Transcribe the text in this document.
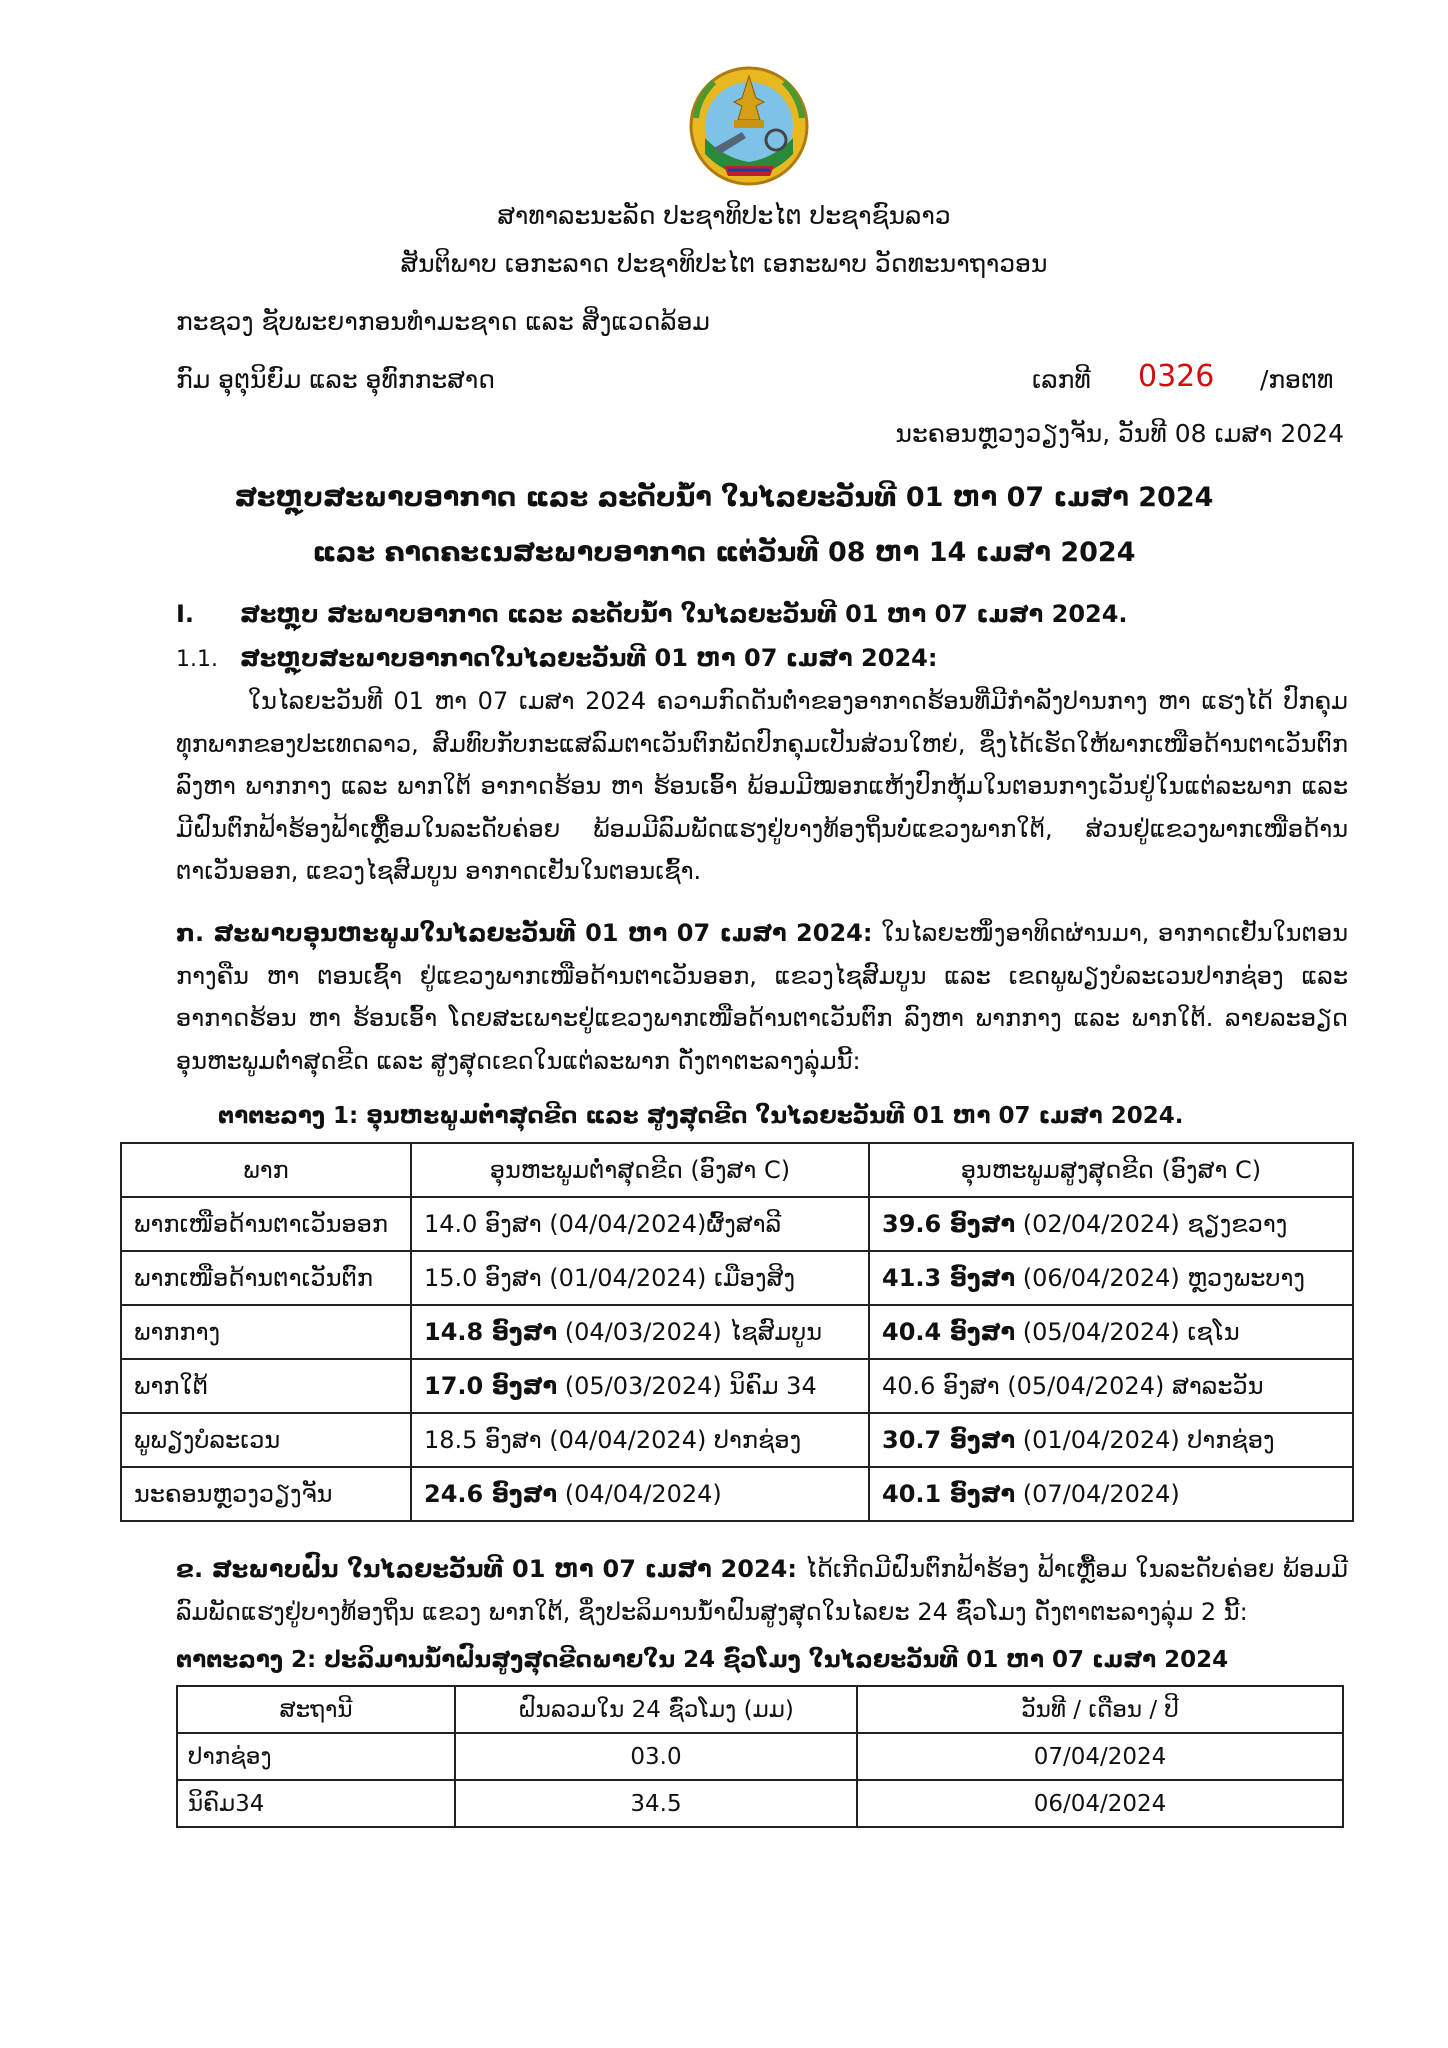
ສາທາລະນະລັດ ປະຊາທິປະໄຕ ປະຊາຊົນລາວ
ສັນຕິພາບ ເອກະລາດ ປະຊາທິປະໄຕ ເອກະພາບ ວັດທະນາຖາວອນ
ກະຊວງ ຊັບພະຍາກອນທຳມະຊາດ ແລະ ສິ່ງແວດລ້ອມ
ກົມ ອຸຕຸນິຍົມ ແລະ ອຸທົກກະສາດ	ເລກທີ 0326 /ກອຕທ
ນະຄອນຫຼວງວຽງຈັນ, ວັນທີ 08 ເມສາ 2024
ສະຫຼຸບສະພາບອາກາດ ແລະ ລະດັບນ້ຳ ໃນໄລຍະວັນທີ 01 ຫາ 07 ເມສາ 2024
ແລະ ຄາດຄະເນສະພາບອາກາດ ແຕ່ວັນທີ 08 ຫາ 14 ເມສາ 2024
I. ສະຫຼຸບ ສະພາບອາກາດ ແລະ ລະດັບນ້ຳ ໃນໄລຍະວັນທີ 01 ຫາ 07 ເມສາ 2024.
1.1. ສະຫຼຸບສະພາບອາກາດໃນໄລຍະວັນທີ 01 ຫາ 07 ເມສາ 2024:
ໃນໄລຍະວັນທີ 01 ຫາ 07 ເມສາ 2024 ຄວາມກົດດັນຕ່ຳຂອງອາກາດຮ້ອນທີ່ມີກຳລັງປານກາງ ຫາ ແຮງໄດ້ ປົກຄຸມທຸກພາກຂອງປະເທດລາວ, ສົມທົບກັບກະແສລົມຕາເວັນຕົກພັດປົກຄຸມເປັນສ່ວນໃຫຍ່, ຊຶ່ງໄດ້ເຮັດໃຫ້ພາກເໜືອດ້ານຕາເວັນຕົກ ລົງຫາ ພາກກາງ ແລະ ພາກໃຕ້ ອາກາດຮ້ອນ ຫາ ຮ້ອນເອົ້າ ພ້ອມມີໝອກແຫ້ງປົກຫຸ້ມໃນຕອນກາງເວັນຢູ່ໃນແຕ່ລະພາກ ແລະ ມີຝົນຕົກຟ້າຮ້ອງຟ້າເຫຼື້ອມໃນລະດັບຄ່ອຍ ພ້ອມມີລົມພັດແຮງຢູ່ບາງທ້ອງຖິ່ນບໍ່ແຂວງພາກໃຕ້, ສ່ວນຢູ່ແຂວງພາກເໜືອດ້ານຕາເວັນອອກ, ແຂວງໄຊສົມບູນ ອາກາດເຢັນໃນຕອນເຊົ້າ.
ກ. ສະພາບອຸນຫະພູມໃນໄລຍະວັນທີ 01 ຫາ 07 ເມສາ 2024: ໃນໄລຍະໜຶ່ງອາທິດຜ່ານມາ, ອາກາດເຢັນໃນຕອນກາງຄືນ ຫາ ຕອນເຊົ້າ ຢູ່ແຂວງພາກເໜືອດ້ານຕາເວັນອອກ, ແຂວງໄຊສົມບູນ ແລະ ເຂດພູພຽງບໍລະເວນປາກຊ່ອງ ແລະ ອາກາດຮ້ອນ ຫາ ຮ້ອນເອົ້າ ໂດຍສະເພາະຢູ່ແຂວງພາກເໜືອດ້ານຕາເວັນຕົກ ລົງຫາ ພາກກາງ ແລະ ພາກໃຕ້. ລາຍລະອຽດອຸນຫະພູມຕ່ຳສຸດຂີດ ແລະ ສູງສຸດເຂດໃນແຕ່ລະພາກ ດັ່ງຕາຕະລາງລຸ່ມນີ້:
ຕາຕະລາງ 1: ອຸນຫະພູມຕ່ຳສຸດຂີດ ແລະ ສູງສຸດຂີດ ໃນໄລຍະວັນທີ 01 ຫາ 07 ເມສາ 2024.
ພາກ	ອຸນຫະພູມຕ່ຳສຸດຂີດ (ອົງສາ C)	ອຸນຫະພູມສູງສຸດຂີດ (ອົງສາ C)
ພາກເໜືອດ້ານຕາເວັນອອກ	14.0 ອົງສາ (04/04/2024)ຜົ້ງສາລີ	39.6 ອົງສາ (02/04/2024) ຊຽງຂວາງ
ພາກເໜືອດ້ານຕາເວັນຕົກ	15.0 ອົງສາ (01/04/2024) ເມືອງສິງ	41.3 ອົງສາ (06/04/2024) ຫຼວງພະບາງ
ພາກກາງ	14.8 ອົງສາ (04/03/2024) ໄຊສົມບູນ	40.4 ອົງສາ (05/04/2024) ເຊໂນ
ພາກໃຕ້	17.0 ອົງສາ (05/03/2024) ນິຄົມ 34	40.6 ອົງສາ (05/04/2024) ສາລະວັນ
ພູພຽງບໍລະເວນ	18.5 ອົງສາ (04/04/2024) ປາກຊ່ອງ	30.7 ອົງສາ (01/04/2024) ປາກຊ່ອງ
ນະຄອນຫຼວງວຽງຈັນ	24.6 ອົງສາ (04/04/2024)	40.1 ອົງສາ (07/04/2024)
ຂ. ສະພາບຝົນ ໃນໄລຍະວັນທີ 01 ຫາ 07 ເມສາ 2024: ໄດ້ເກີດມີຝົນຕົກຟ້າຮ້ອງ ຟ້າເຫຼື້ອມ ໃນລະດັບຄ່ອຍ ພ້ອມມີລົມພັດແຮງຢູ່ບາງທ້ອງຖິ່ນ ແຂວງ ພາກໃຕ້, ຊຶ່ງປະລິມານນ້ຳຝົນສູງສຸດໃນໄລຍະ 24 ຊົ່ວໂມງ ດັ່ງຕາຕະລາງລຸ່ມ 2 ນີ້:
ຕາຕະລາງ 2: ປະລິມານນ້ຳຝົນສູງສຸດຂີດພາຍໃນ 24 ຊົ່ວໂມງ ໃນໄລຍະວັນທີ 01 ຫາ 07 ເມສາ 2024
ສະຖານີ	ຝົນລວມໃນ 24 ຊົ່ວໂມງ (ມມ)	ວັນທີ / ເດືອນ / ປີ
ປາກຊ່ອງ	03.0	07/04/2024
ນິຄົມ34	34.5	06/04/2024
